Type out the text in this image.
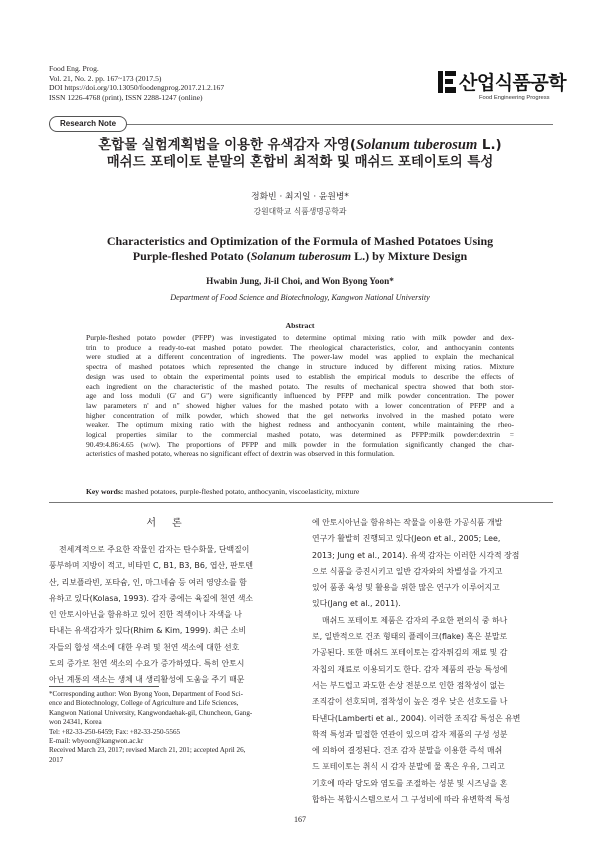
Food Eng. Prog.
Vol. 21, No. 2. pp. 167~173 (2017.5)
DOI https://doi.org/10.13050/foodengprog.2017.21.2.167
ISSN 1226-4768 (print), ISSN 2288-1247 (online)
산업식품공학
Food Engineering Progress
Research Note
혼합물 실험계획법을 이용한 유색감자 자영(Solanum tuberosum L.)
매쉬드 포테이토 분말의 혼합비 최적화 및 매쉬드 포테이토의 특성
정화빈 · 최지일 · 윤원병*
강원대학교 식품생명공학과
Characteristics and Optimization of the Formula of Mashed Potatoes Using
Purple-fleshed Potato (Solanum tuberosum L.) by Mixture Design
Hwabin Jung, Ji-il Choi, and Won Byong Yoon*
Department of Food Science and Biotechnology, Kangwon National University
Abstract
Purple-fleshed potato powder (PFPP) was investigated to determine optimal mixing ratio with milk powder and dex-
trin to produce a ready-to-eat mashed potato powder. The rheological characteristics, color, and anthocyanin contents
were studied at a different concentration of ingredients. The power-law model was applied to explain the mechanical
spectra of mashed potatoes which represented the change in structure induced by different mixing ratios. Mixture
design was used to obtain the experimental points used to establish the empirical moduls to describe the effects of
each ingredient on the characteristic of the mashed potato. The results of mechanical spectra showed that both stor-
age and loss moduli (G' and G") were significantly influenced by PFPP and milk powder concentration. The power
law parameters n' and n" showed higher values for the mashed potato with a lower concentration of PFPP and a
higher concentration of milk powder, which showed that the gel networks involved in the mashed potato were
weaker. The optimum mixing ratio with the highest redness and anthocyanin content, while maintaining the rheo-
logical properties similar to the commercial mashed potato, was determined as PFPP:milk powder:dextrin =
90.49:4.86:4.65 (w/w). The proportions of PFPP and milk powder in the formulation significantly changed the char-
acteristics of mashed potato, whereas no significant effect of dextrin was observed in this formulation.
Key words: mashed potatoes, purple-fleshed potato, anthocyanin, viscoelasticity, mixture
서론
전세계적으로 주요한 작물인 감자는 탄수화물, 단백질이
풍부하며 지방이 적고, 비타민 C, B1, B3, B6, 엽산, 판토텐
산, 리보플라빈, 포타슘, 인, 마그네슘 등 여러 영양소를 함
유하고 있다(Kolasa, 1993). 감자 중에는 육질에 천연 색소
인 안토시아닌을 함유하고 있어 진한 적색이나 자색을 나
타내는 유색감자가 있다(Rhim & Kim, 1999). 최근 소비
자들의 합성 색소에 대한 우려 및 천연 색소에 대한 선호
도의 증가로 천연 색소의 수요가 증가하였다. 특히 안토시
아닌 계통의 색소는 생체 내 생리활성에 도움을 주기 때문
에 안토시아닌을 함유하는 작물을 이용한 가공식품 개발
연구가 활발히 진행되고 있다(Jeon et al., 2005; Lee,
2013; Jung et al., 2014). 유색 감자는 이러한 시각적 장점
으로 식품을 증진시키고 일반 감자와의 차별성을 가지고
있어 품종 육성 및 활용을 위한 많은 연구가 이루어지고
있다(Jang et al., 2011).
매쉬드 포테이토 제품은 감자의 주요한 편의식 중 하나
로, 일반적으로 건조 형태의 플레이크(flake) 혹은 분말로
가공된다. 또한 매쉬드 포테이토는 감자튀김의 재료 및 감
자칩의 재료로 이용되기도 한다. 감자 제품의 관능 특성에
서는 부드럽고 과도한 손상 전분으로 인한 점착성이 없는
조직감이 선호되며, 점착성이 높은 경우 낮은 선호도를 나
타낸다(Lamberti et al., 2004). 이러한 조직감 특성은 유변
학적 특성과 밀접한 연관이 있으며 감자 제품의 구성 성분
에 의하여 결정된다. 건조 감자 분말을 이용한 즉석 매쉬
드 포테이토는 취식 시 감자 분말에 물 혹은 우유, 그리고
기호에 따라 당도와 염도를 조절하는 성분 및 시즈닝을 혼
합하는 복합시스템으로서 그 구성비에 따라 유변학적 특성
*Corresponding author: Won Byong Yoon, Department of Food Sci-
ence and Biotechnology, College of Agriculture and Life Sciences,
Kangwon National University, Kangwondaehak-gil, Chuncheon, Gang-
won 24341, Korea
Tel: +82-33-250-6459; Fax: +82-33-250-5565
E-mail: wbyoon@kangwon.ac.kr
Received March 23, 2017; revised March 21, 201; accepted April 26,
2017
167
